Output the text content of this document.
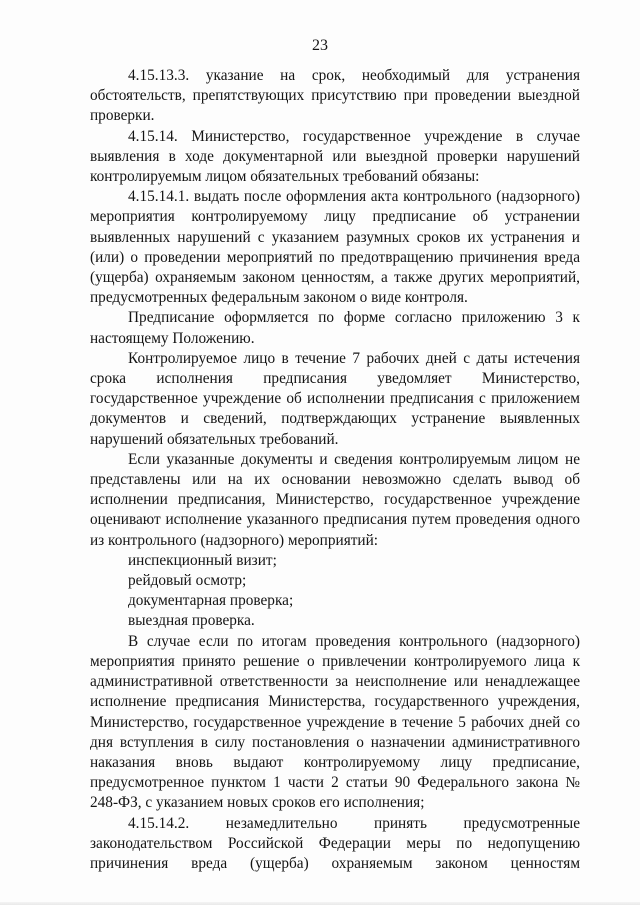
23

4.15.13.3. указание на срок, необходимый для устранения обстоятельств, препятствующих присутствию при проведении выездной проверки.

4.15.14. Министерство, государственное учреждение в случае выявления в ходе документарной или выездной проверки нарушений контролируемым лицом обязательных требований обязаны:

4.15.14.1. выдать после оформления акта контрольного (надзорного) мероприятия контролируемому лицу предписание об устранении выявленных нарушений с указанием разумных сроков их устранения и (или) о проведении мероприятий по предотвращению причинения вреда (ущерба) охраняемым законом ценностям, а также других мероприятий, предусмотренных федеральным законом о виде контроля.

Предписание оформляется по форме согласно приложению 3 к настоящему Положению.

Контролируемое лицо в течение 7 рабочих дней с даты истечения срока исполнения предписания уведомляет Министерство, государственное учреждение об исполнении предписания с приложением документов и сведений, подтверждающих устранение выявленных нарушений обязательных требований.

Если указанные документы и сведения контролируемым лицом не представлены или на их основании невозможно сделать вывод об исполнении предписания, Министерство, государственное учреждение оценивают исполнение указанного предписания путем проведения одного из контрольного (надзорного) мероприятий:

инспекционный визит;

рейдовый осмотр;

документарная проверка;

выездная проверка.

В случае если по итогам проведения контрольного (надзорного) мероприятия принято решение о привлечении контролируемого лица к административной ответственности за неисполнение или ненадлежащее исполнение предписания Министерства, государственного учреждения, Министерство, государственное учреждение в течение 5 рабочих дней со дня вступления в силу постановления о назначении административного наказания вновь выдают контролируемому лицу предписание, предусмотренное пунктом 1 части 2 статьи 90 Федерального закона № 248-ФЗ, с указанием новых сроков его исполнения;

4.15.14.2. незамедлительно принять предусмотренные законодательством Российской Федерации меры по недопущению причинения вреда (ущерба) охраняемым законом ценностям
